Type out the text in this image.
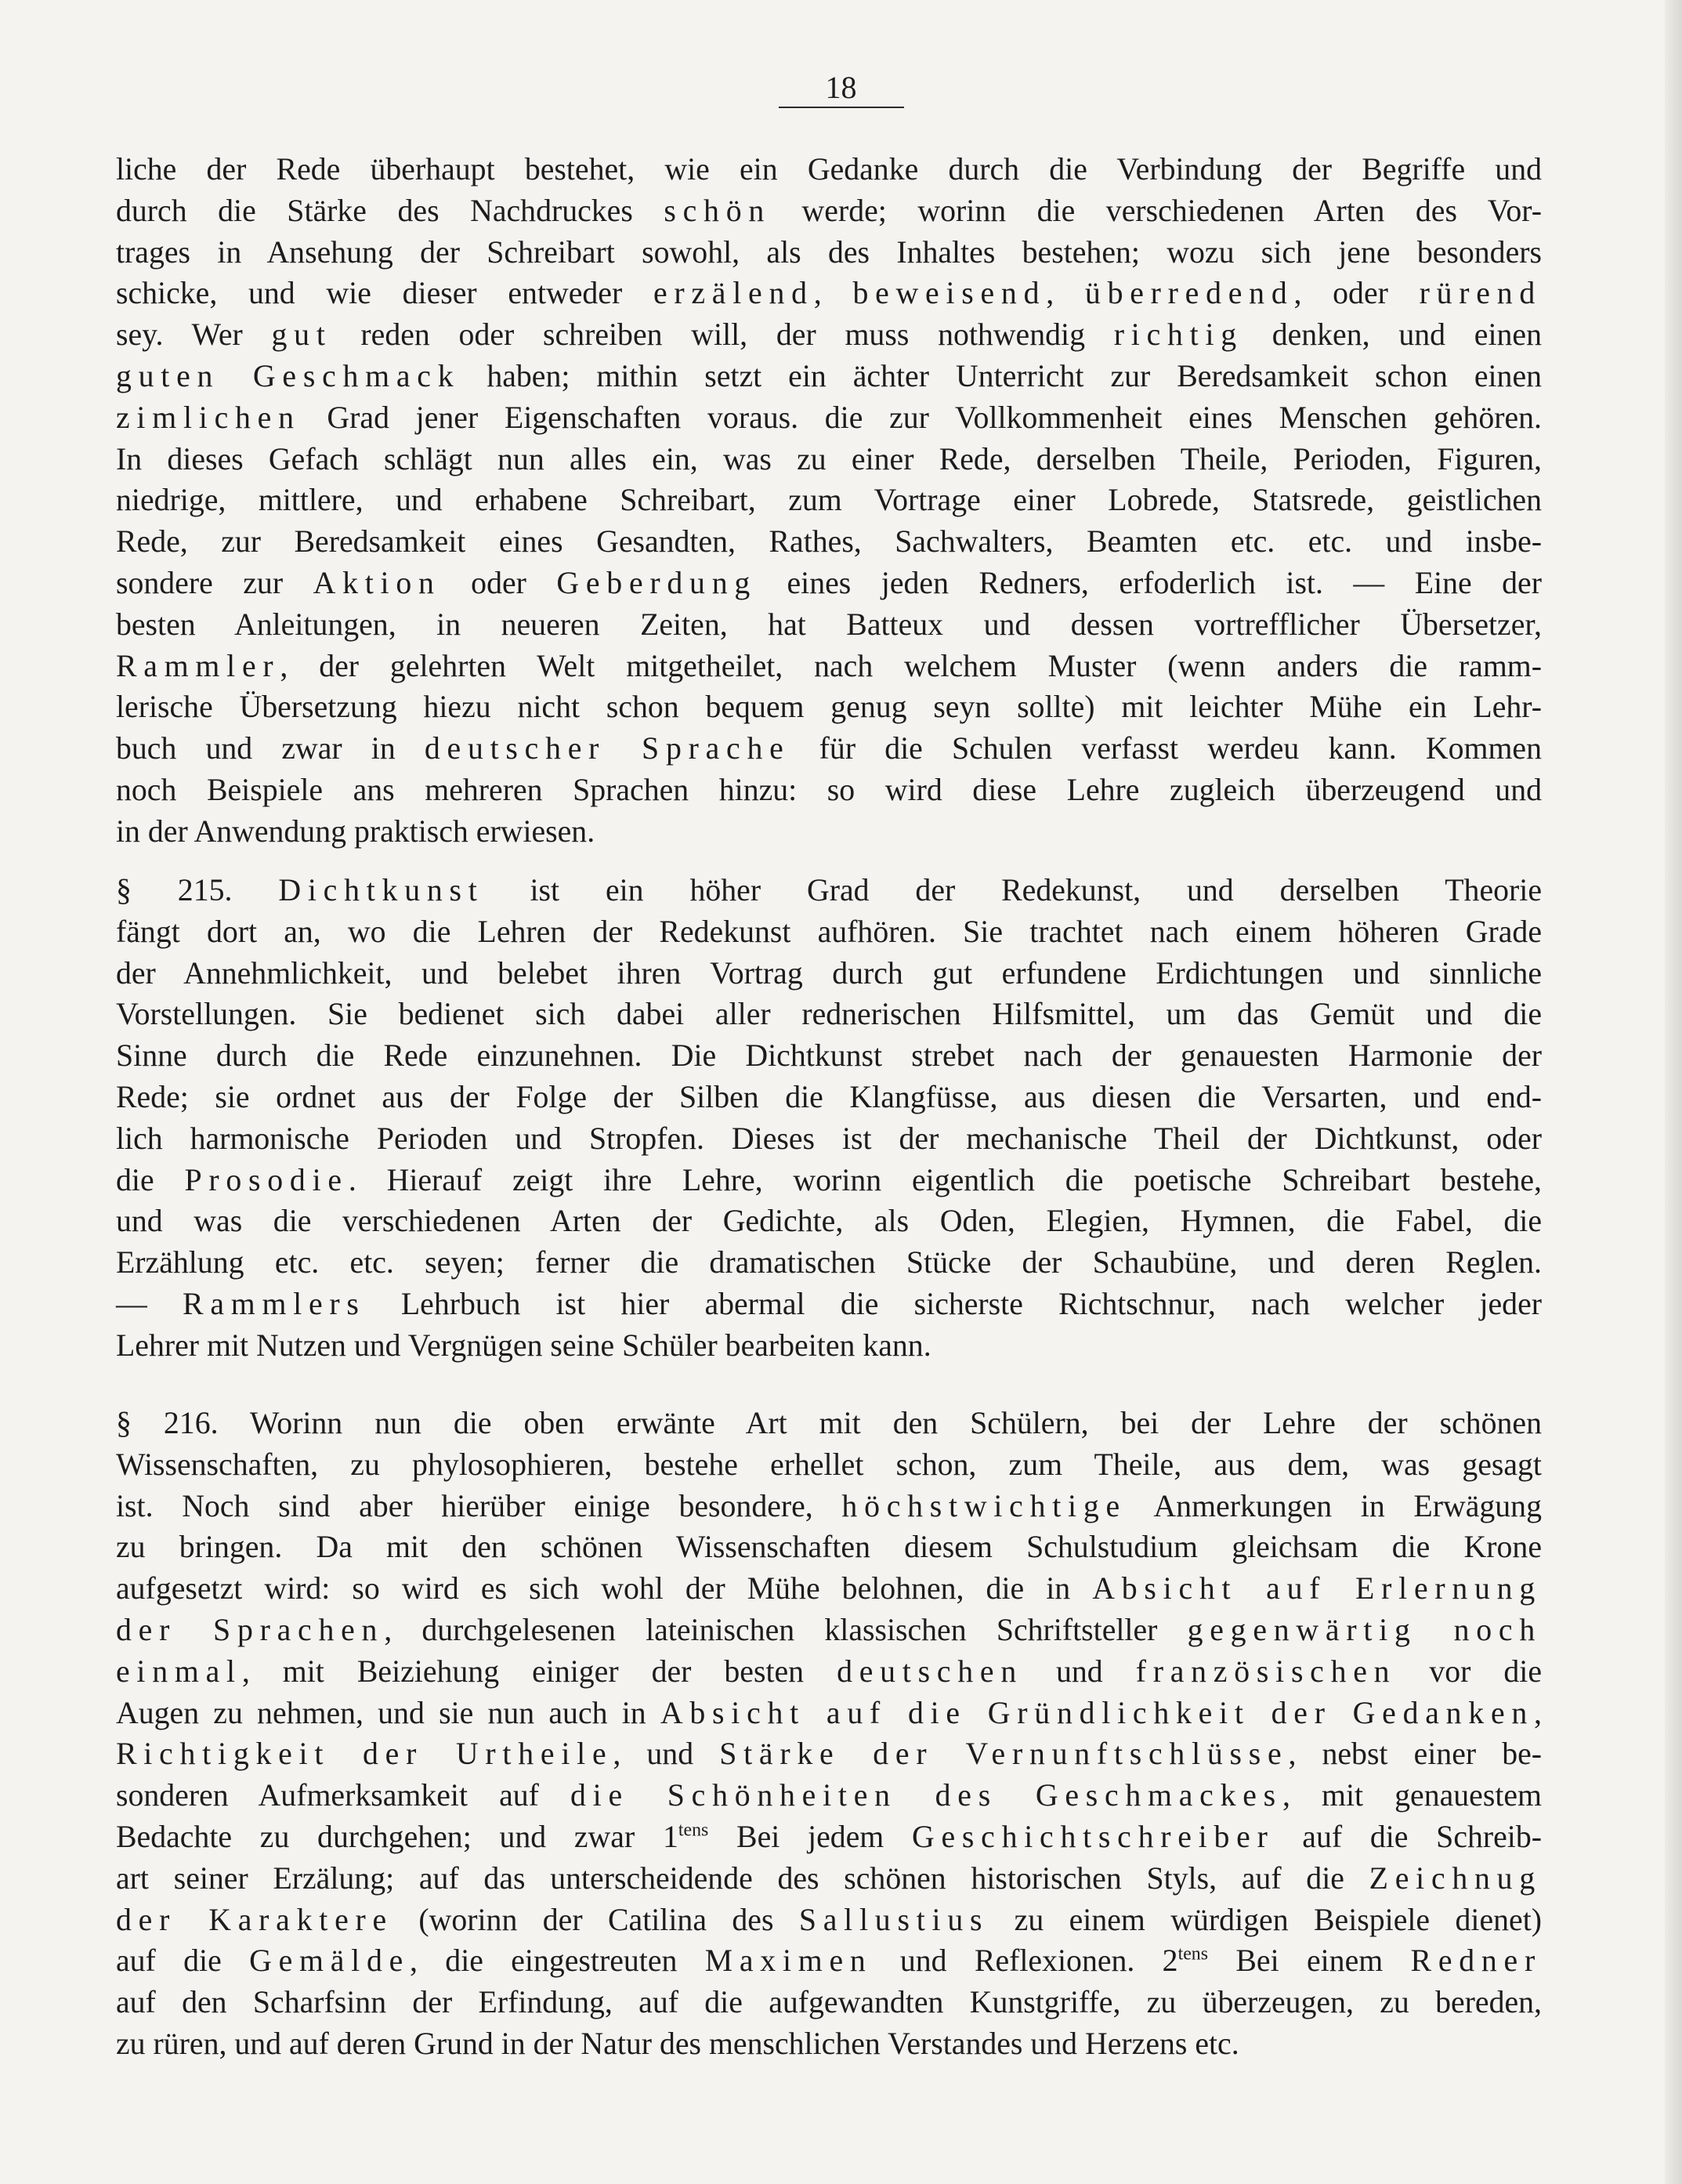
18
liche der Rede überhaupt bestehet, wie ein Gedanke durch die Verbindung der Begriffe und
durch die Stärke des Nachdruckes schön werde; worinn die verschiedenen Arten des Vor-
trages in Ansehung der Schreibart sowohl, als des Inhaltes bestehen; wozu sich jene besonders
schicke, und wie dieser entweder erzälend, beweisend, überredend, oder rürend
sey. Wer gut reden oder schreiben will, der muss nothwendig richtig denken, und einen
guten Geschmack haben; mithin setzt ein ächter Unterricht zur Beredsamkeit schon einen
zimlichen Grad jener Eigenschaften voraus. die zur Vollkommenheit eines Menschen gehören.
In dieses Gefach schlägt nun alles ein, was zu einer Rede, derselben Theile, Perioden, Figuren,
niedrige, mittlere, und erhabene Schreibart, zum Vortrage einer Lobrede, Statsrede, geistlichen
Rede, zur Beredsamkeit eines Gesandten, Rathes, Sachwalters, Beamten etc. etc. und insbe-
sondere zur Aktion oder Geberdung eines jeden Redners, erfoderlich ist. — Eine der
besten Anleitungen, in neueren Zeiten, hat Batteux und dessen vortrefflicher Übersetzer,
Rammler, der gelehrten Welt mitgetheilet, nach welchem Muster (wenn anders die ramm-
lerische Übersetzung hiezu nicht schon bequem genug seyn sollte) mit leichter Mühe ein Lehr-
buch und zwar in deutscher Sprache für die Schulen verfasst werdeu kann. Kommen
noch Beispiele ans mehreren Sprachen hinzu: so wird diese Lehre zugleich überzeugend und
in der Anwendung praktisch erwiesen.
§ 215. Dichtkunst ist ein höher Grad der Redekunst, und derselben Theorie
fängt dort an, wo die Lehren der Redekunst aufhören. Sie trachtet nach einem höheren Grade
der Annehmlichkeit, und belebet ihren Vortrag durch gut erfundene Erdichtungen und sinnliche
Vorstellungen. Sie bedienet sich dabei aller rednerischen Hilfsmittel, um das Gemüt und die
Sinne durch die Rede einzunehnen. Die Dichtkunst strebet nach der genauesten Harmonie der
Rede; sie ordnet aus der Folge der Silben die Klangfüsse, aus diesen die Versarten, und end-
lich harmonische Perioden und Stropfen. Dieses ist der mechanische Theil der Dichtkunst, oder
die Prosodie. Hierauf zeigt ihre Lehre, worinn eigentlich die poetische Schreibart bestehe,
und was die verschiedenen Arten der Gedichte, als Oden, Elegien, Hymnen, die Fabel, die
Erzählung etc. etc. seyen; ferner die dramatischen Stücke der Schaubüne, und deren Reglen.
— Rammlers Lehrbuch ist hier abermal die sicherste Richtschnur, nach welcher jeder
Lehrer mit Nutzen und Vergnügen seine Schüler bearbeiten kann.
§ 216. Worinn nun die oben erwänte Art mit den Schülern, bei der Lehre der schönen
Wissenschaften, zu phylosophieren, bestehe erhellet schon, zum Theile, aus dem, was gesagt
ist. Noch sind aber hierüber einige besondere, höchstwichtige Anmerkungen in Erwägung
zu bringen. Da mit den schönen Wissenschaften diesem Schulstudium gleichsam die Krone
aufgesetzt wird: so wird es sich wohl der Mühe belohnen, die in Absicht auf Erlernung
der Sprachen, durchgelesenen lateinischen klassischen Schriftsteller gegenwärtig noch
einmal, mit Beiziehung einiger der besten deutschen und französischen vor die
Augen zu nehmen, und sie nun auch in Absicht auf die Gründlichkeit der Gedanken,
Richtigkeit der Urtheile, und Stärke der Vernunftschlüsse, nebst einer be-
sonderen Aufmerksamkeit auf die Schönheiten des Geschmackes, mit genauestem
Bedachte zu durchgehen; und zwar $1^{tens}$ Bei jedem Geschichtschreiber auf die Schreib-
art seiner Erzälung; auf das unterscheidende des schönen historischen Styls, auf die Zeichnug
der Karaktere (worinn der Catilina des Sallustius zu einem würdigen Beispiele dienet)
auf die Gemälde, die eingestreuten Maximen und Reflexionen. $2^{tens}$ Bei einem Redner
auf den Scharfsinn der Erfindung, auf die aufgewandten Kunstgriffe, zu überzeugen, zu bereden,
zu rüren, und auf deren Grund in der Natur des menschlichen Verstandes und Herzens etc.
